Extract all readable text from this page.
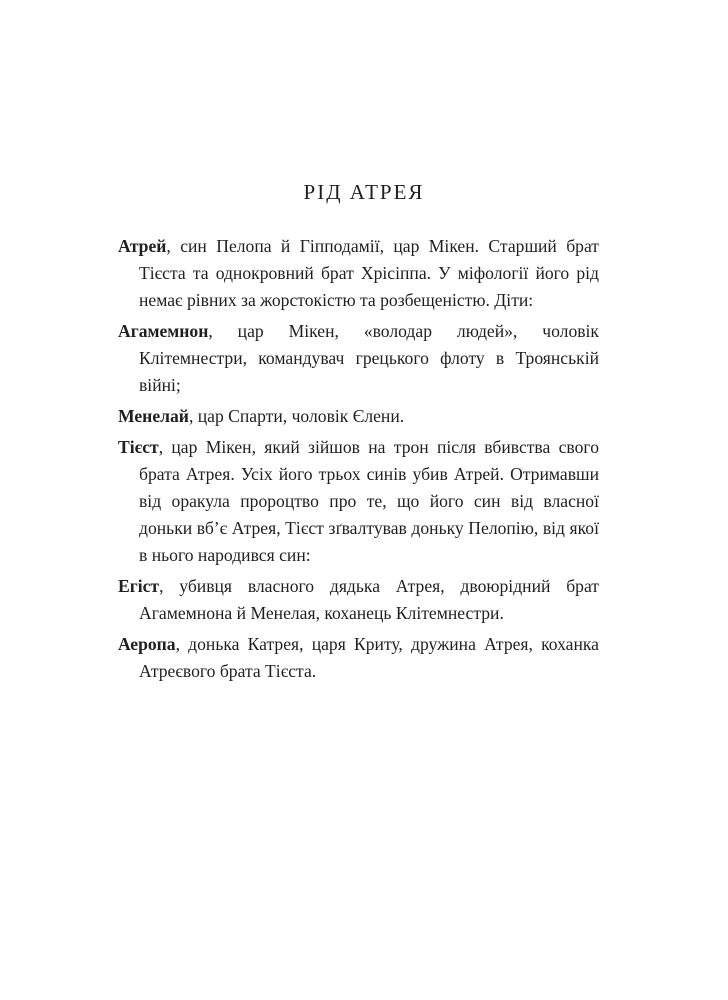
РІД АТРЕЯ

Атрей, син Пелопа й Гіпподамії, цар Мікен. Старший брат Тієста та однокровний брат Хрісіппа. У міфології його рід немає рівних за жорстокістю та розбещеністю. Діти:

Агамемнон, цар Мікен, «володар людей», чоловік Клітемнестри, командувач грецького флоту в Троянській війні;

Менелай, цар Спарти, чоловік Єлени.

Тієст, цар Мікен, який зійшов на трон після вбивства свого брата Атрея. Усіх його трьох синів убив Атрей. Отримавши від оракула пророцтво про те, що його син від власної доньки вб’є Атрея, Тієст зґвалтував доньку Пелопію, від якої в нього народився син:

Егіст, убивця власного дядька Атрея, двоюрідний брат Агамемнона й Менелая, коханець Клітемнестри.

Аеропа, донька Катрея, царя Криту, дружина Атрея, коханка Атреєвого брата Тієста.
